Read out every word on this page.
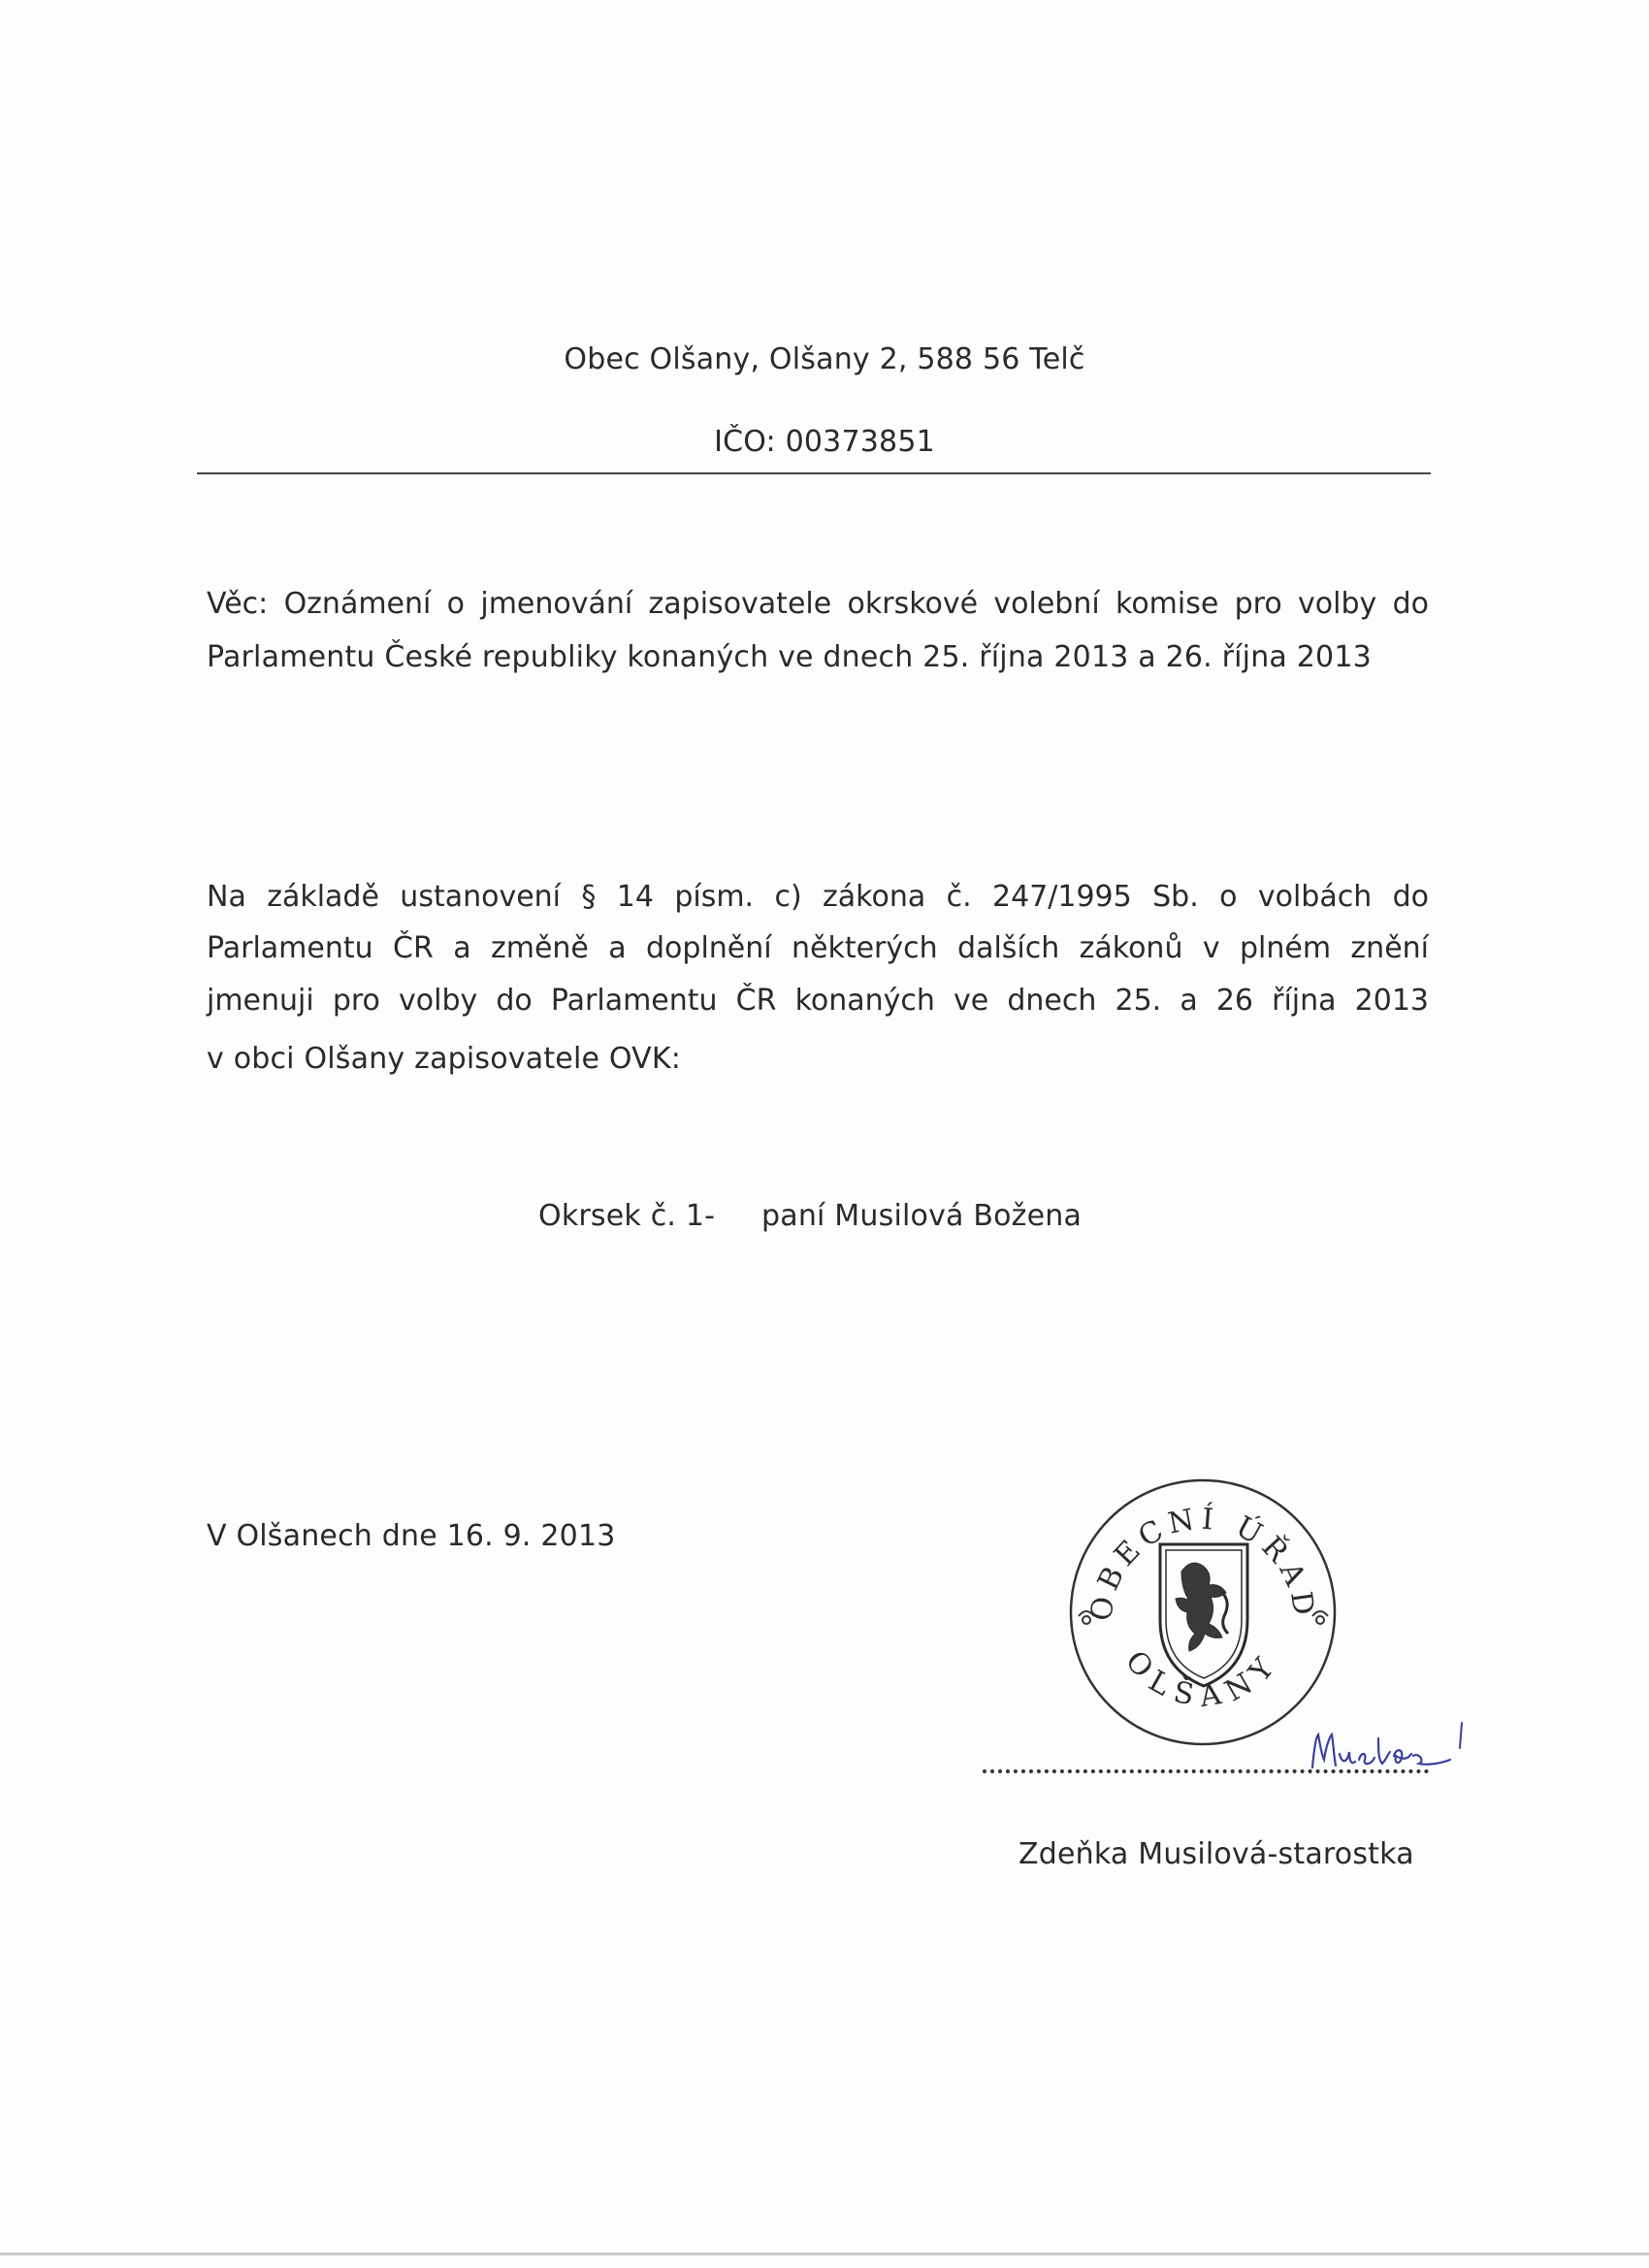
Obec Olšany, Olšany 2, 588 56 Telč
IČO: 00373851
Věc: Oznámení o jmenování zapisovatele okrskové volební komise pro volby do
Parlamentu České republiky konaných ve dnech 25. října 2013 a 26. října 2013
Na základě ustanovení § 14 písm. c) zákona č. 247/1995 Sb. o volbách do
Parlamentu ČR a změně a doplnění některých dalších zákonů v plném znění
jmenuji pro volby do Parlamentu ČR konaných ve dnech 25. a 26 října 2013
v obci Olšany zapisovatele OVK:
Okrsek č. 1- paní Musilová Božena
V Olšanech dne 16. 9. 2013
OBECNÍ ÚŘAD
OLŠANY
Zdeňka Musilová-starostka
